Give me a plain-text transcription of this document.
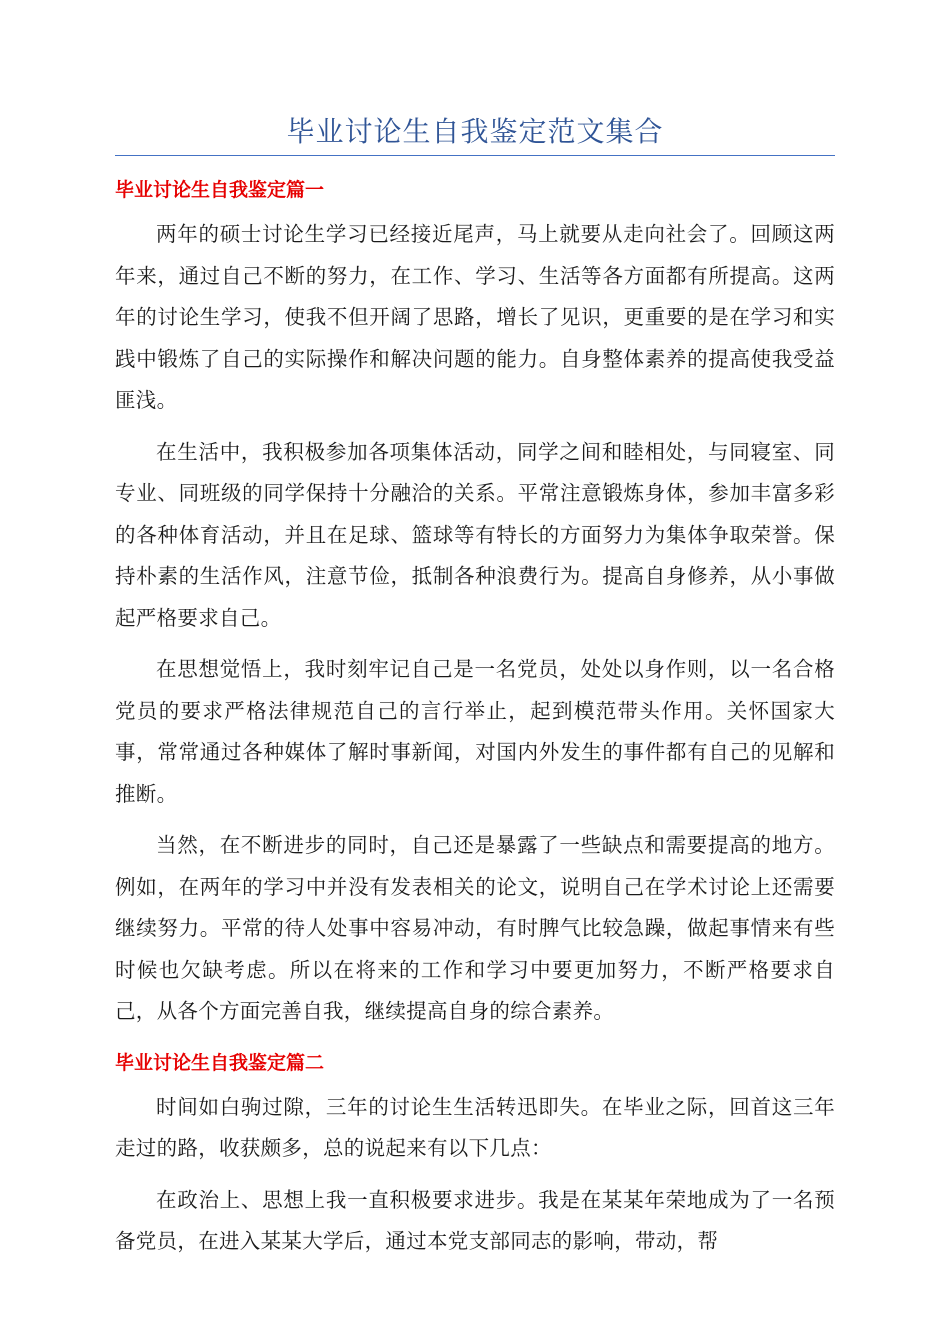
毕业讨论生自我鉴定范文集合
毕业讨论生自我鉴定篇一

两年的硕士讨论生学习已经接近尾声，马上就要从走向社会了。回顾这两年来，通过自己不断的努力，在工作、学习、生活等各方面都有所提高。这两年的讨论生学习，使我不但开阔了思路，增长了见识，更重要的是在学习和实践中锻炼了自己的实际操作和解决问题的能力。自身整体素养的提高使我受益匪浅。

在生活中，我积极参加各项集体活动，同学之间和睦相处，与同寝室、同专业、同班级的同学保持十分融洽的关系。平常注意锻炼身体，参加丰富多彩的各种体育活动，并且在足球、篮球等有特长的方面努力为集体争取荣誉。保持朴素的生活作风，注意节俭，抵制各种浪费行为。提高自身修养，从小事做起严格要求自己。

在思想觉悟上，我时刻牢记自己是一名党员，处处以身作则，以一名合格党员的要求严格法律规范自己的言行举止，起到模范带头作用。关怀国家大事，常常通过各种媒体了解时事新闻，对国内外发生的事件都有自己的见解和推断。

当然，在不断进步的同时，自己还是暴露了一些缺点和需要提高的地方。例如，在两年的学习中并没有发表相关的论文，说明自己在学术讨论上还需要继续努力。平常的待人处事中容易冲动，有时脾气比较急躁，做起事情来有些时候也欠缺考虑。所以在将来的工作和学习中要更加努力，不断严格要求自己，从各个方面完善自我，继续提高自身的综合素养。

毕业讨论生自我鉴定篇二

时间如白驹过隙，三年的讨论生生活转迅即失。在毕业之际，回首这三年走过的路，收获颇多，总的说起来有以下几点：

在政治上、思想上我一直积极要求进步。我是在某某年荣地成为了一名预备党员，在进入某某大学后，通过本党支部同志的影响，带动，帮
